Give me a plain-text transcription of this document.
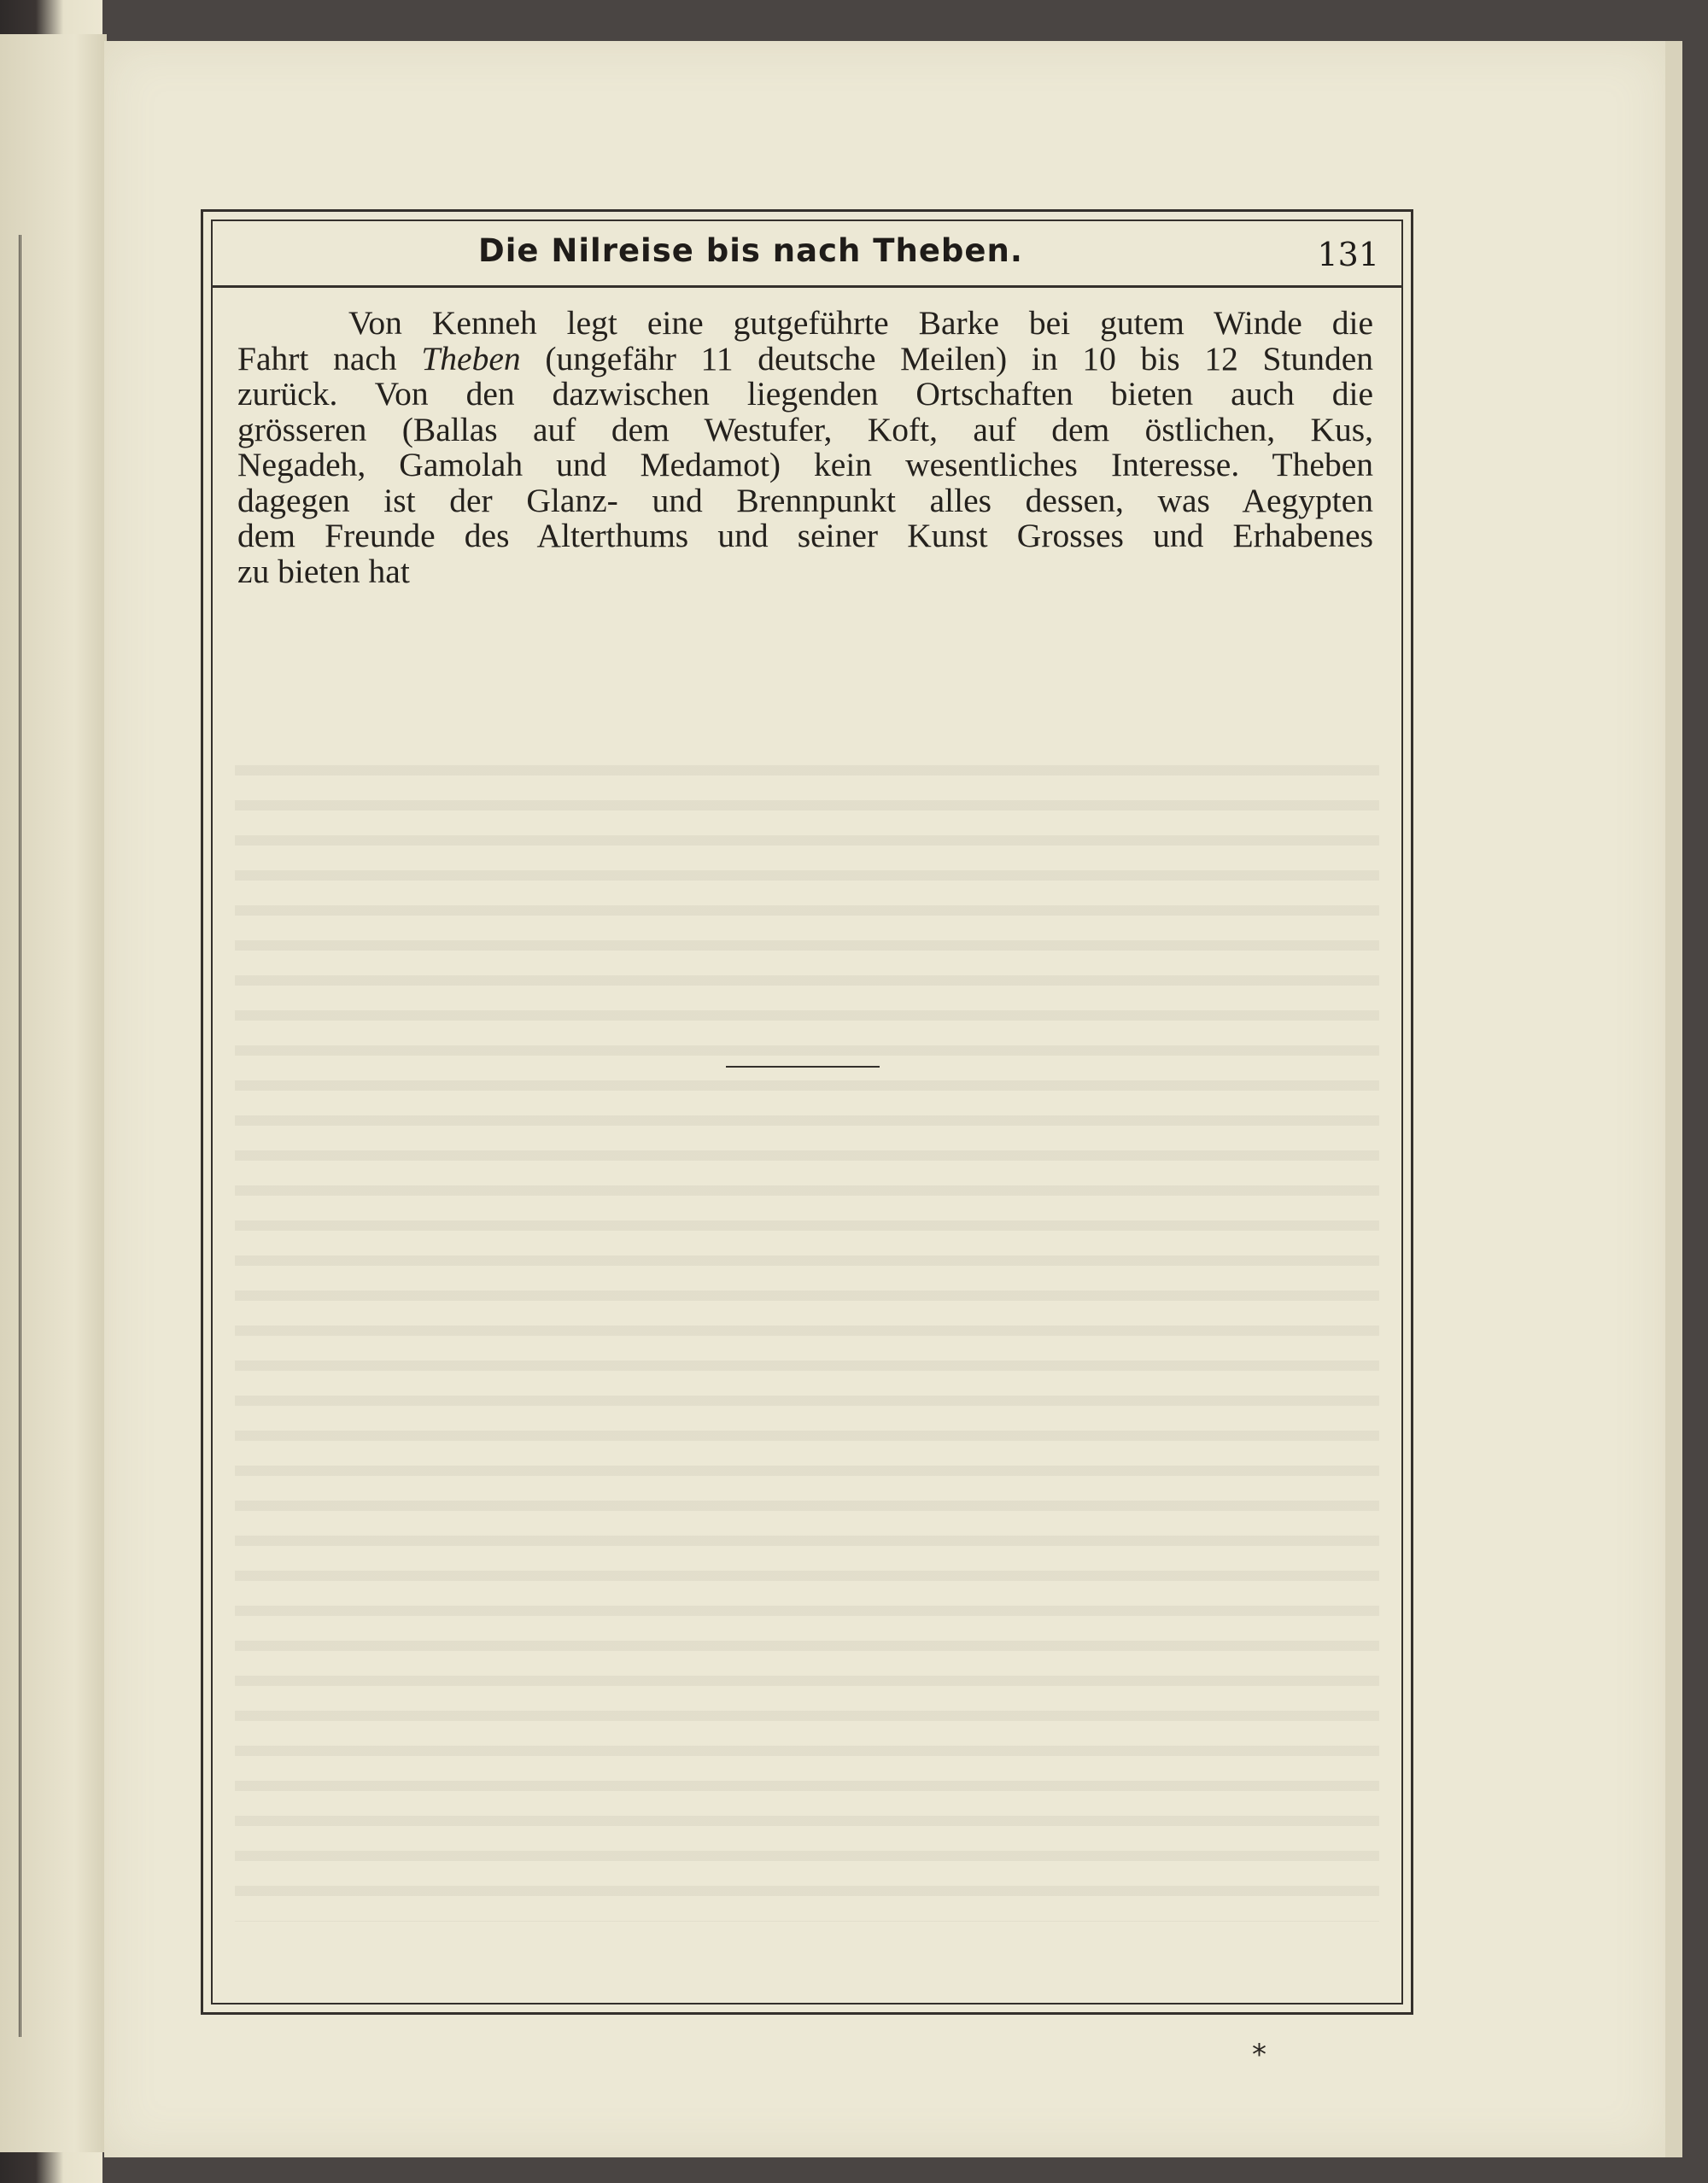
Die Nilreise bis nach Theben.	131
Von Kenneh legt eine gutgeführte Barke bei gutem Winde die
Fahrt nach Theben (ungefähr 11 deutsche Meilen) in 10 bis 12 Stunden
zurück. Von den dazwischen liegenden Ortschaften bieten auch die
grösseren (Ballas auf dem Westufer, Koft, auf dem östlichen, Kus,
Negadeh, Gamolah und Medamot) kein wesentliches Interesse. Theben
dagegen ist der Glanz- und Brennpunkt alles dessen, was Aegypten
dem Freunde des Alterthums und seiner Kunst Grosses und Erhabenes
zu bieten hat
*
